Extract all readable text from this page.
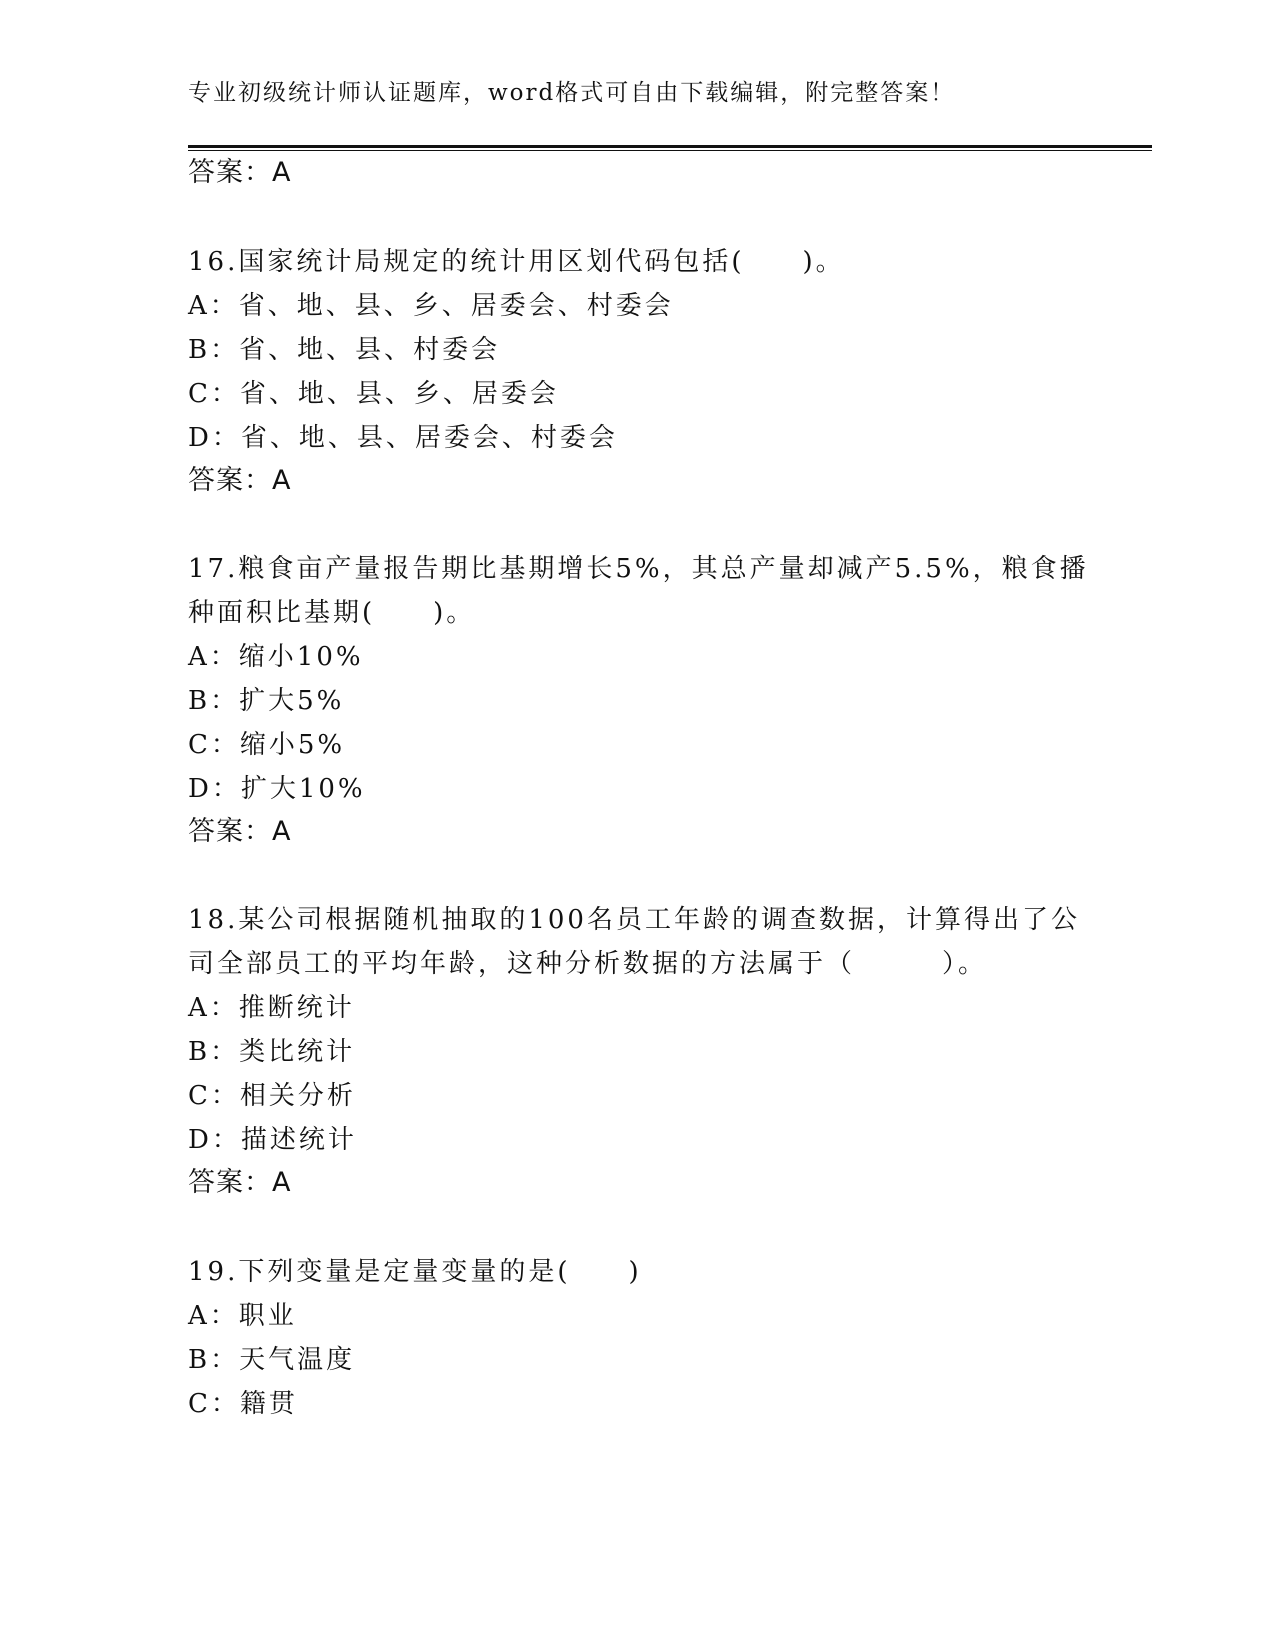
专业初级统计师认证题库，word格式可自由下载编辑，附完整答案！
答案：A
16.国家统计局规定的统计用区划代码包括(　　)。
A：省、地、县、乡、居委会、村委会
B：省、地、县、村委会
C：省、地、县、乡、居委会
D：省、地、县、居委会、村委会
答案：A
17.粮食亩产量报告期比基期增长5%，其总产量却减产5.5%，粮食播
种面积比基期(　　)。
A：缩小10%
B：扩大5%
C：缩小5%
D：扩大10%
答案：A
18.某公司根据随机抽取的100名员工年龄的调查数据，计算得出了公
司全部员工的平均年龄，这种分析数据的方法属于（　　　）。
A：推断统计
B：类比统计
C：相关分析
D：描述统计
答案：A
19.下列变量是定量变量的是(　　)
A：职业
B：天气温度
C：籍贯
